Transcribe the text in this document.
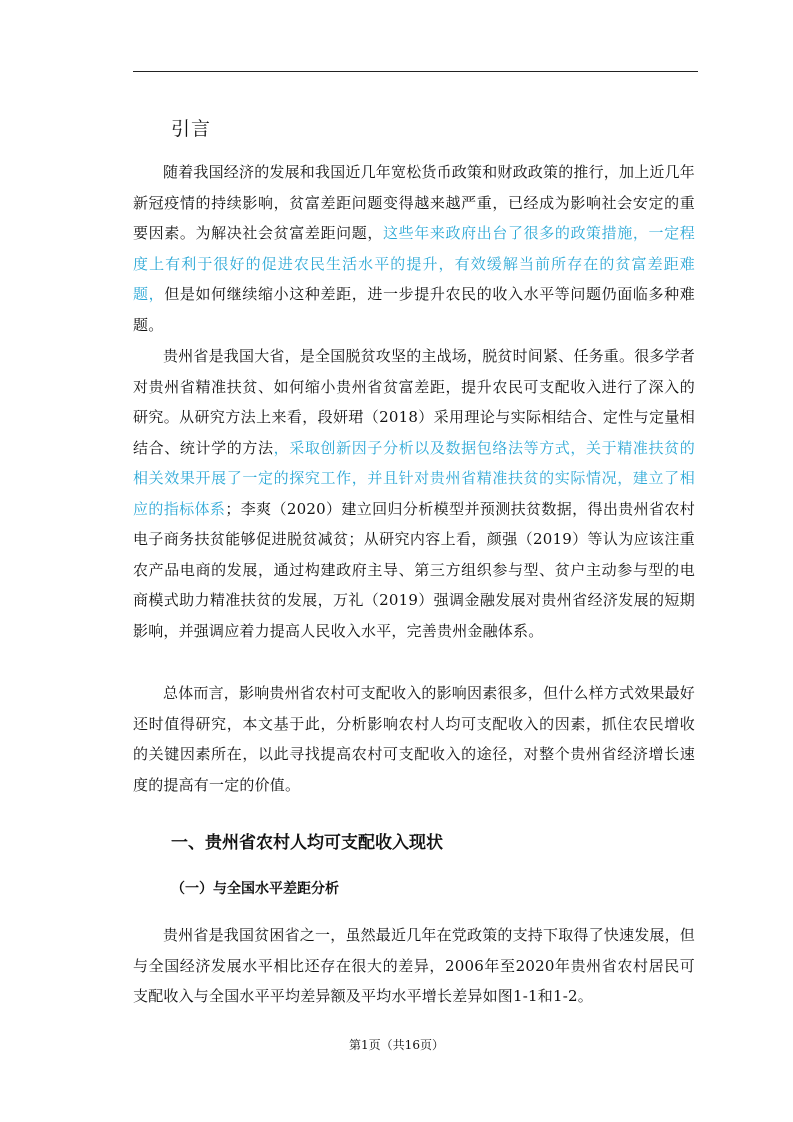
引言

随着我国经济的发展和我国近几年宽松货币政策和财政政策的推行，加上近几年新冠疫情的持续影响，贫富差距问题变得越来越严重，已经成为影响社会安定的重要因素。为解决社会贫富差距问题，这些年来政府出台了很多的政策措施，一定程度上有利于很好的促进农民生活水平的提升，有效缓解当前所存在的贫富差距难题，但是如何继续缩小这种差距，进一步提升农民的收入水平等问题仍面临多种难题。

贵州省是我国大省，是全国脱贫攻坚的主战场，脱贫时间紧、任务重。很多学者对贵州省精准扶贫、如何缩小贵州省贫富差距，提升农民可支配收入进行了深入的研究。从研究方法上来看，段妍珺（2018）采用理论与实际相结合、定性与定量相结合、统计学的方法，采取创新因子分析以及数据包络法等方式，关于精准扶贫的相关效果开展了一定的探究工作，并且针对贵州省精准扶贫的实际情况，建立了相应的指标体系；李爽（2020）建立回归分析模型并预测扶贫数据，得出贵州省农村电子商务扶贫能够促进脱贫减贫；从研究内容上看，颜强（2019）等认为应该注重农产品电商的发展，通过构建政府主导、第三方组织参与型、贫户主动参与型的电商模式助力精准扶贫的发展，万礼（2019）强调金融发展对贵州省经济发展的短期影响，并强调应着力提高人民收入水平，完善贵州金融体系。

总体而言，影响贵州省农村可支配收入的影响因素很多，但什么样方式效果最好还时值得研究，本文基于此，分析影响农村人均可支配收入的因素，抓住农民增收的关键因素所在，以此寻找提高农村可支配收入的途径，对整个贵州省经济增长速度的提高有一定的价值。

一、贵州省农村人均可支配收入现状
（一）与全国水平差距分析

贵州省是我国贫困省之一，虽然最近几年在党政策的支持下取得了快速发展，但与全国经济发展水平相比还存在很大的差异，2006年至2020年贵州省农村居民可支配收入与全国水平平均差异额及平均水平增长差异如图1-1和1-2。

第1页（共16页）
